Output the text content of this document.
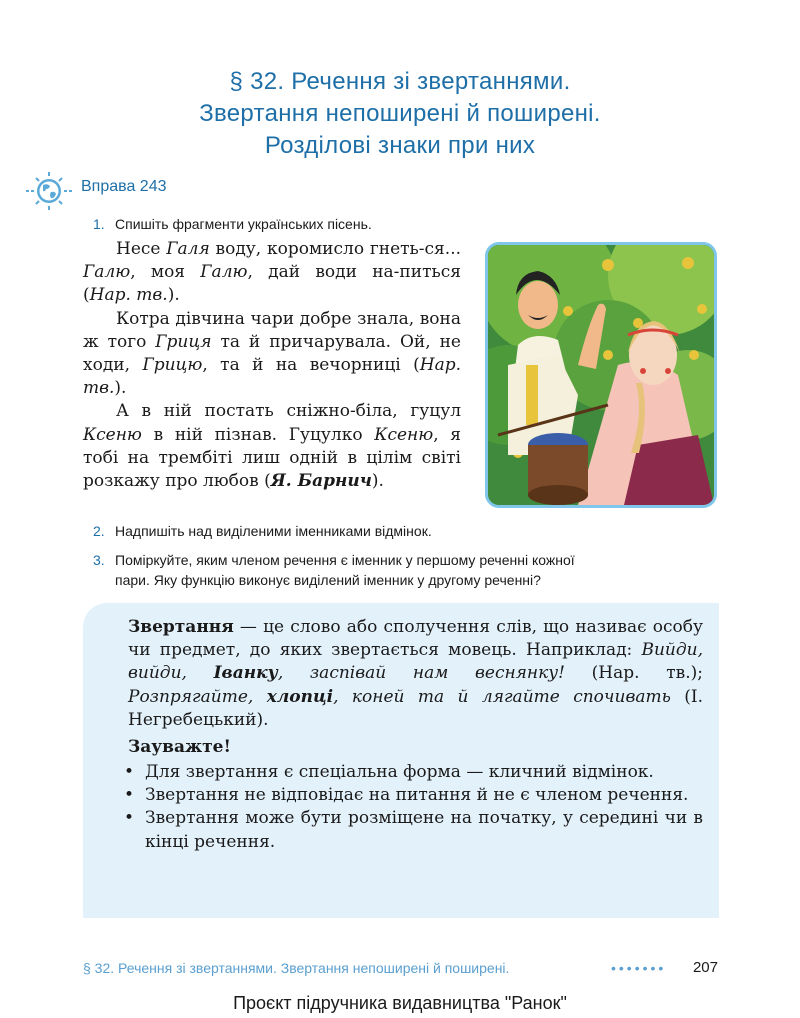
§ 32. Речення зі звертаннями.
Звертання непоширені й поширені.
Розділові знаки при них
Вправа 243
1. Спишіть фрагменти українських пісень.

Несе Галя воду, коромисло гнеть-ся... Галю, моя Галю, дай води на-питься (Нар. тв.).

Котра дівчина чари добре знала, вона ж того Гриця та й причарувала. Ой, не ходи, Грицю, та й на вечорниці (Нар. тв.).

А в ній постать сніжно-біла, гуцул Ксеню в ній пізнав. Гуцулко Ксеню, я тобі на трембіті лиш одній в цілім світі розкажу про любов (Я. Барнич).

2. Надпишіть над виділеними іменниками відмінок.
3. Поміркуйте, яким членом речення є іменник у першому реченні кожної
пари. Яку функцію виконує виділений іменник у другому реченні?

Звертання — це слово або сполучення слів, що називає особу чи предмет, до яких звертається мовець. Наприклад: Вийди, вийди, Іванку, заспівай нам веснянку! (Нар. тв.); Розпрягайте, хлопці, коней та й лягайте спочивать (І. Негребецький).

Зауважте!
• Для звертання є спеціальна форма — кличний відмінок.
• Звертання не відповідає на питання й не є членом речення.
• Звертання може бути розміщене на початку, у середині чи в кінці речення.
§ 32. Речення зі звертаннями. Звертання непоширені й поширені.	••••••• 207
Проєкт підручника видавництва "Ранок"
